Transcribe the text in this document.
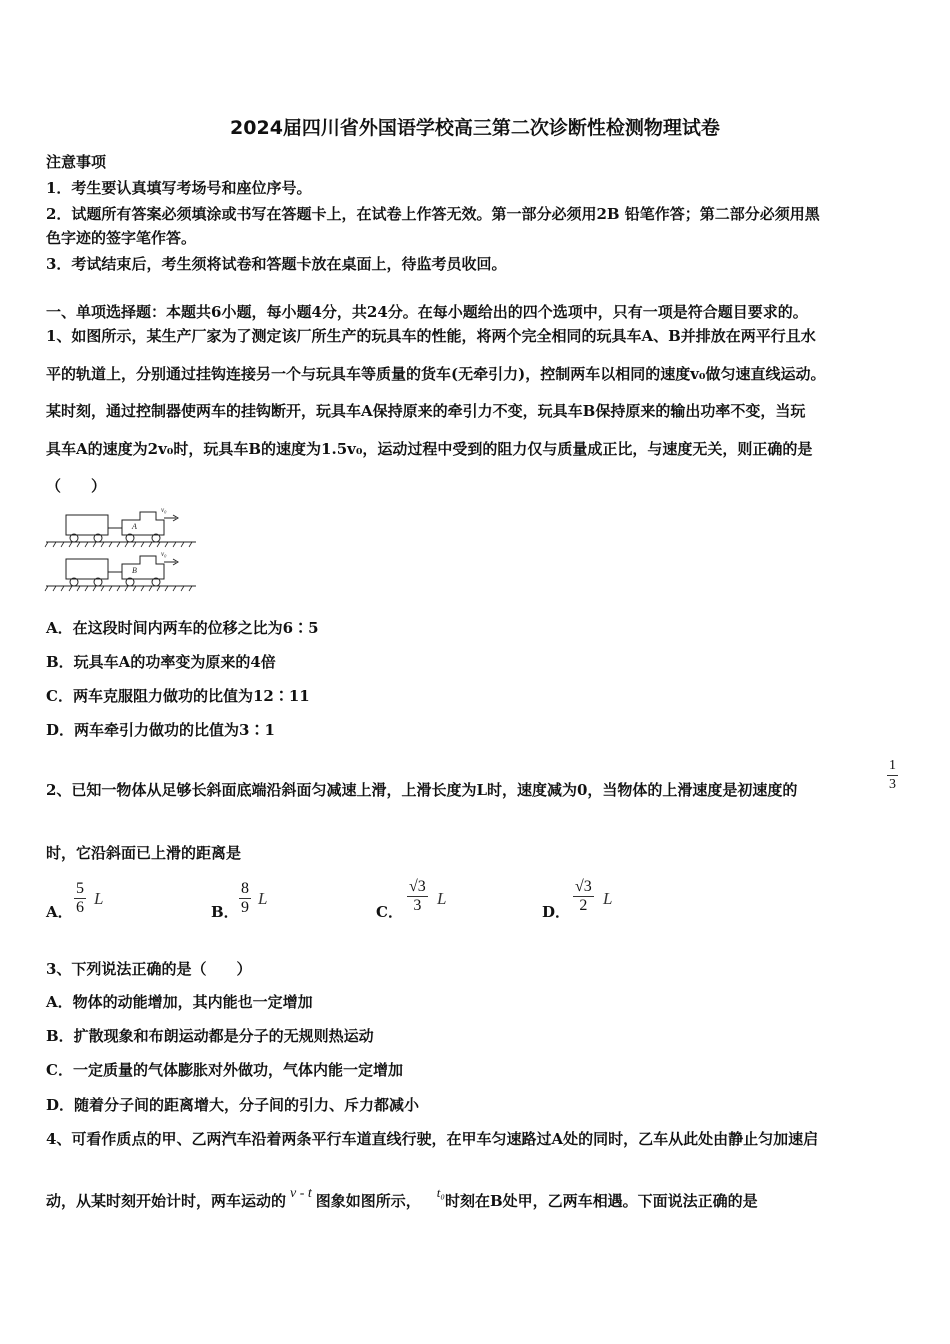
2024届四川省外国语学校高三第二次诊断性检测物理试卷
注意事项
1．考生要认真填写考场号和座位序号。
2．试题所有答案必须填涂或书写在答题卡上，在试卷上作答无效。第一部分必须用2B 铅笔作答；第二部分必须用黑
色字迹的签字笔作答。
3．考试结束后，考生须将试卷和答题卡放在桌面上，待监考员收回。
一、单项选择题：本题共6小题，每小题4分，共24分。在每小题给出的四个选项中，只有一项是符合题目要求的。
1、如图所示，某生产厂家为了测定该厂所生产的玩具车的性能，将两个完全相同的玩具车A、B并排放在两平行且水
平的轨道上，分别通过挂钩连接另一个与玩具车等质量的货车(无牵引力)，控制两车以相同的速度v₀做匀速直线运动。
某时刻，通过控制器使两车的挂钩断开，玩具车A保持原来的牵引力不变，玩具车B保持原来的输出功率不变，当玩
具车A的速度为2v₀时，玩具车B的速度为1.5v₀，运动过程中受到的阻力仅与质量成正比，与速度无关，则正确的是
（　　）
A
v₀
B
v₀
A．在这段时间内两车的位移之比为6∶5
B．玩具车A的功率变为原来的4倍
C．两车克服阻力做功的比值为12∶11
D．两车牵引力做功的比值为3∶1
2、已知一物体从足够长斜面底端沿斜面匀减速上滑，上滑长度为L时，速度减为0，当物体的上滑速度是初速度的	$\frac{1}{3}$
时，它沿斜面已上滑的距离是
A． $\frac{5}{6}$ L
B． $\frac{8}{9}$ L
C． $\frac{√3}{3}$ L
D． $\frac{√3}{2}$ L
3、下列说法正确的是（　　）
A．物体的动能增加，其内能也一定增加
B．扩散现象和布朗运动都是分子的无规则热运动
C．一定质量的气体膨胀对外做功，气体内能一定增加
D．随着分子间的距离增大，分子间的引力、斥力都减小
4、可看作质点的甲、乙两汽车沿着两条平行车道直线行驶，在甲车匀速路过A处的同时，乙车从此处由静止匀加速启
动，从某时刻开始计时，两车运动的 v - t 图象如图所示， t₀时刻在B处甲，乙两车相遇。下面说法正确的是
